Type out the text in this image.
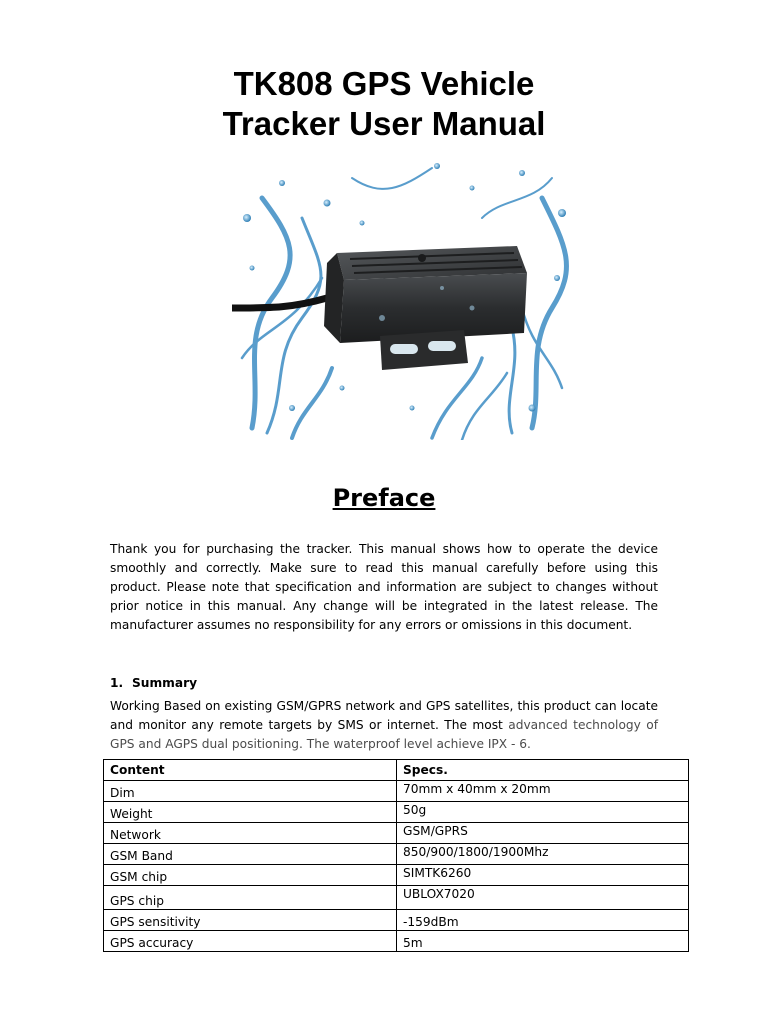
TK808 GPS Vehicle
Tracker User Manual
Preface

Thank you for purchasing the tracker. This manual shows how to operate the device smoothly and correctly. Make sure to read this manual carefully before using this product. Please note that specification and information are subject to changes without prior notice in this manual. Any change will be integrated in the latest release. The manufacturer assumes no responsibility for any errors or omissions in this document.

1. Summary

Working Based on existing GSM/GPRS network and GPS satellites, this product can locate and monitor any remote targets by SMS or internet. The most advanced technology of GPS and AGPS dual positioning. The waterproof level achieve IPX - 6.

Content	Specs.
Dim	70mm x 40mm x 20mm
Weight	50g
Network	GSM/GPRS
GSM Band	850/900/1800/1900Mhz
GSM chip	SIMTK6260
GPS chip	UBLOX7020
GPS sensitivity	-159dBm
GPS accuracy	5m
